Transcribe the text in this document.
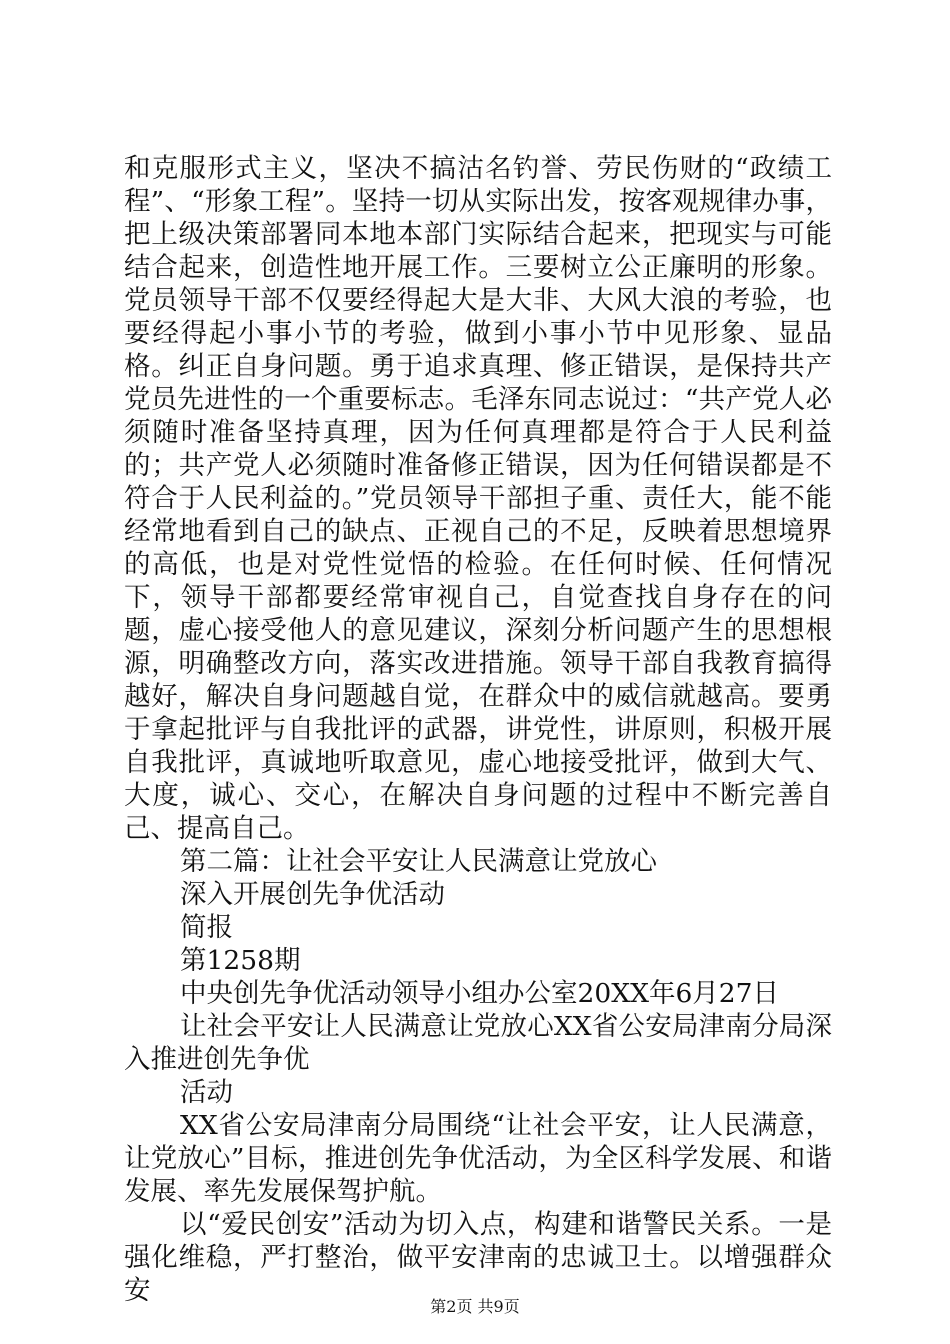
和克服形式主义，坚决不搞沽名钓誉、劳民伤财的“政绩工程”、“形象工程”。坚持一切从实际出发，按客观规律办事，把上级决策部署同本地本部门实际结合起来，把现实与可能结合起来，创造性地开展工作。三要树立公正廉明的形象。党员领导干部不仅要经得起大是大非、大风大浪的考验，也要经得起小事小节的考验，做到小事小节中见形象、显品格。纠正自身问题。勇于追求真理、修正错误，是保持共产党员先进性的一个重要标志。毛泽东同志说过：“共产党人必须随时准备坚持真理，因为任何真理都是符合于人民利益的；共产党人必须随时准备修正错误，因为任何错误都是不符合于人民利益的。”党员领导干部担子重、责任大，能不能经常地看到自己的缺点、正视自己的不足，反映着思想境界的高低，也是对党性觉悟的检验。在任何时候、任何情况下，领导干部都要经常审视自己，自觉查找自身存在的问题，虚心接受他人的意见建议，深刻分析问题产生的思想根源，明确整改方向，落实改进措施。领导干部自我教育搞得越好，解决自身问题越自觉，在群众中的威信就越高。要勇于拿起批评与自我批评的武器，讲党性，讲原则，积极开展自我批评，真诚地听取意见，虚心地接受批评，做到大气、大度，诚心、交心，在解决自身问题的过程中不断完善自己、提高自己。

第二篇：让社会平安让人民满意让党放心

深入开展创先争优活动

简报

第1258期

中央创先争优活动领导小组办公室20XX年6月27日

让社会平安让人民满意让党放心XX省公安局津南分局深入推进创先争优

活动

XX省公安局津南分局围绕“让社会平安，让人民满意，让党放心”目标，推进创先争优活动，为全区科学发展、和谐发展、率先发展保驾护航。

以“爱民创安”活动为切入点，构建和谐警民关系。一是强化维稳，严打整治，做平安津南的忠诚卫士。以增强群众安

第2页 共9页
